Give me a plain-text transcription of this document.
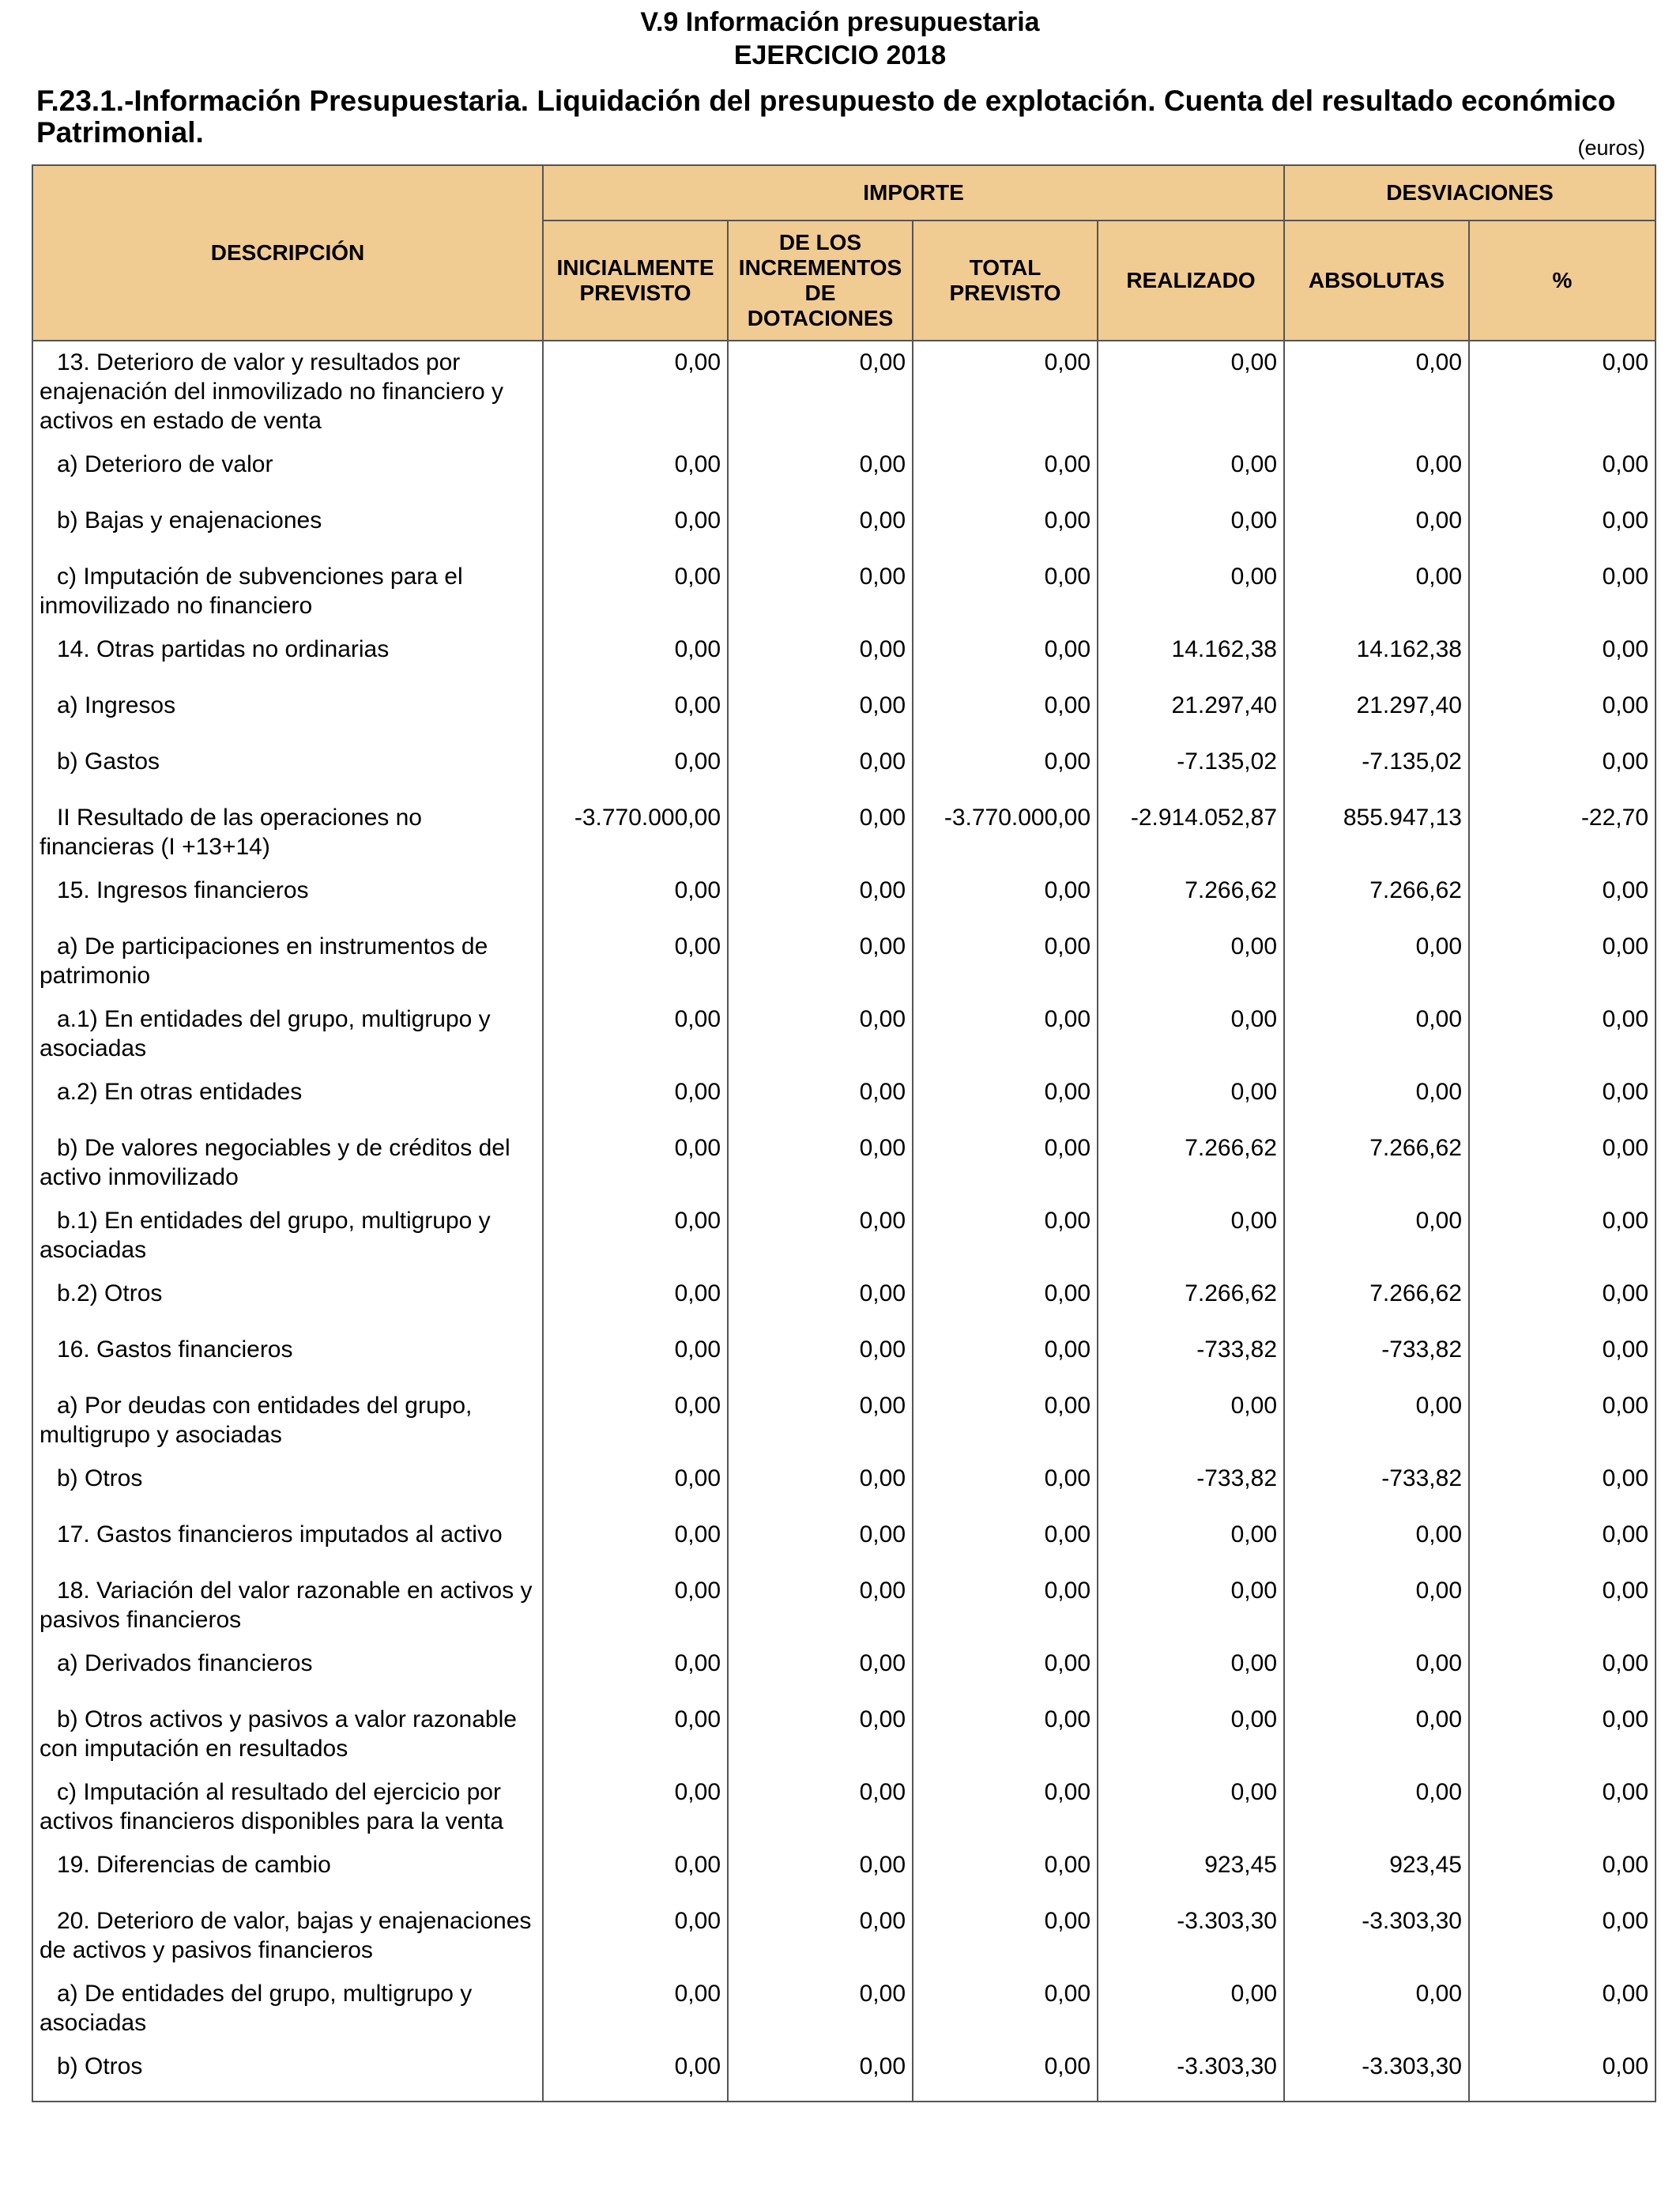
V.9 Información presupuestaria
EJERCICIO 2018
F.23.1.-Información Presupuestaria. Liquidación del presupuesto de explotación. Cuenta del resultado económico Patrimonial.	(euros)
DESCRIPCIÓN	IMPORTE				DESVIACIONES	
	INICIALMENTE PREVISTO	DE LOS INCREMENTOS DE DOTACIONES	TOTAL PREVISTO	REALIZADO	ABSOLUTAS	%
13. Deterioro de valor y resultados por enajenación del inmovilizado no financiero y activos en estado de venta	0,00	0,00	0,00	0,00	0,00	0,00
a) Deterioro de valor	0,00	0,00	0,00	0,00	0,00	0,00
b) Bajas y enajenaciones	0,00	0,00	0,00	0,00	0,00	0,00
c) Imputación de subvenciones para el inmovilizado no financiero	0,00	0,00	0,00	0,00	0,00	0,00
14. Otras partidas no ordinarias	0,00	0,00	0,00	14.162,38	14.162,38	0,00
a) Ingresos	0,00	0,00	0,00	21.297,40	21.297,40	0,00
b) Gastos	0,00	0,00	0,00	-7.135,02	-7.135,02	0,00
II Resultado de las operaciones no financieras (I +13+14)	-3.770.000,00	0,00	-3.770.000,00	-2.914.052,87	855.947,13	-22,70
15. Ingresos financieros	0,00	0,00	0,00	7.266,62	7.266,62	0,00
a) De participaciones en instrumentos de patrimonio	0,00	0,00	0,00	0,00	0,00	0,00
a.1) En entidades del grupo, multigrupo y asociadas	0,00	0,00	0,00	0,00	0,00	0,00
a.2) En otras entidades	0,00	0,00	0,00	0,00	0,00	0,00
b) De valores negociables y de créditos del activo inmovilizado	0,00	0,00	0,00	7.266,62	7.266,62	0,00
b.1) En entidades del grupo, multigrupo y asociadas	0,00	0,00	0,00	0,00	0,00	0,00
b.2) Otros	0,00	0,00	0,00	7.266,62	7.266,62	0,00
16. Gastos financieros	0,00	0,00	0,00	-733,82	-733,82	0,00
a) Por deudas con entidades del grupo, multigrupo y asociadas	0,00	0,00	0,00	0,00	0,00	0,00
b) Otros	0,00	0,00	0,00	-733,82	-733,82	0,00
17. Gastos financieros imputados al activo	0,00	0,00	0,00	0,00	0,00	0,00
18. Variación del valor razonable en activos y pasivos financieros	0,00	0,00	0,00	0,00	0,00	0,00
a) Derivados financieros	0,00	0,00	0,00	0,00	0,00	0,00
b) Otros activos y pasivos a valor razonable con imputación en resultados	0,00	0,00	0,00	0,00	0,00	0,00
c) Imputación al resultado del ejercicio por activos financieros disponibles para la venta	0,00	0,00	0,00	0,00	0,00	0,00
19. Diferencias de cambio	0,00	0,00	0,00	923,45	923,45	0,00
20. Deterioro de valor, bajas y enajenaciones de activos y pasivos financieros	0,00	0,00	0,00	-3.303,30	-3.303,30	0,00
a) De entidades del grupo, multigrupo y asociadas	0,00	0,00	0,00	0,00	0,00	0,00
b) Otros	0,00	0,00	0,00	-3.303,30	-3.303,30	0,00
